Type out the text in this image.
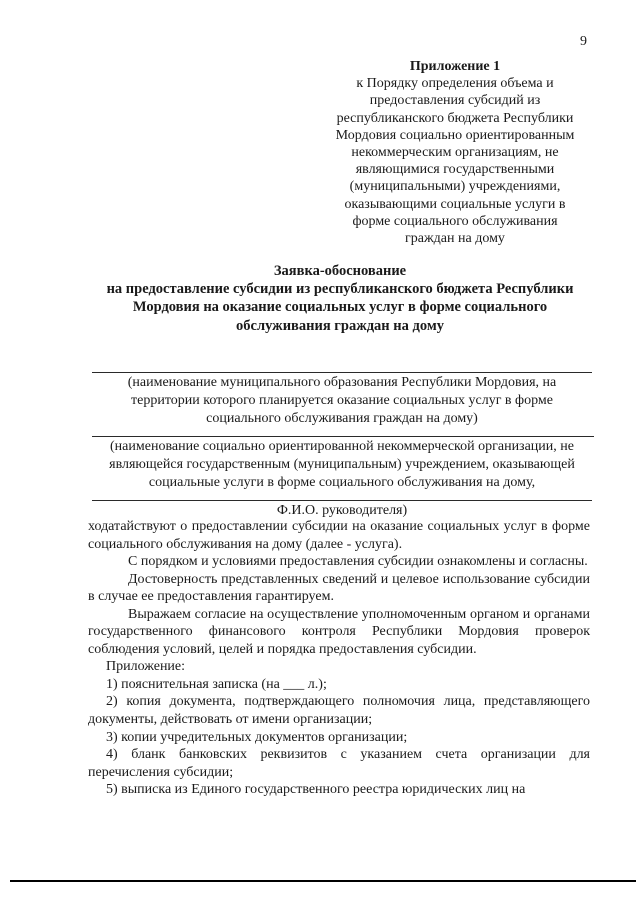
9
Приложение 1
к Порядку определения объема и
предоставления субсидий из
республиканского бюджета Республики
Мордовия социально ориентированным
некоммерческим организациям, не
являющимися государственными
(муниципальными) учреждениями,
оказывающими социальные услуги в
форме социального обслуживания
граждан на дому
Заявка-обоснование
на предоставление субсидии из республиканского бюджета Республики
Мордовия на оказание социальных услуг в форме социального
обслуживания граждан на дому
(наименование муниципального образования Республики Мордовия, на
территории которого планируется оказание социальных услуг в форме
социального обслуживания граждан на дому)
(наименование социально ориентированной некоммерческой организации, не
являющейся государственным (муниципальным) учреждением, оказывающей
социальные услуги в форме социального обслуживания на дому,
Ф.И.О. руководителя)

ходатайствуют о предоставлении субсидии на оказание социальных услуг в форме социального обслуживания на дому (далее - услуга).

С порядком и условиями предоставления субсидии ознакомлены и согласны.

Достоверность представленных сведений и целевое использование субсидии в случае ее предоставления гарантируем.

Выражаем согласие на осуществление уполномоченным органом и органами государственного финансового контроля Республики Мордовия проверок соблюдения условий, целей и порядка предоставления субсидии.

Приложение:

1) пояснительная записка (на ___ л.);

2) копия документа, подтверждающего полномочия лица, представляющего документы, действовать от имени организации;

3) копии учредительных документов организации;

4) бланк банковских реквизитов с указанием счета организации для перечисления субсидии;

5) выписка из Единого государственного реестра юридических лиц на
